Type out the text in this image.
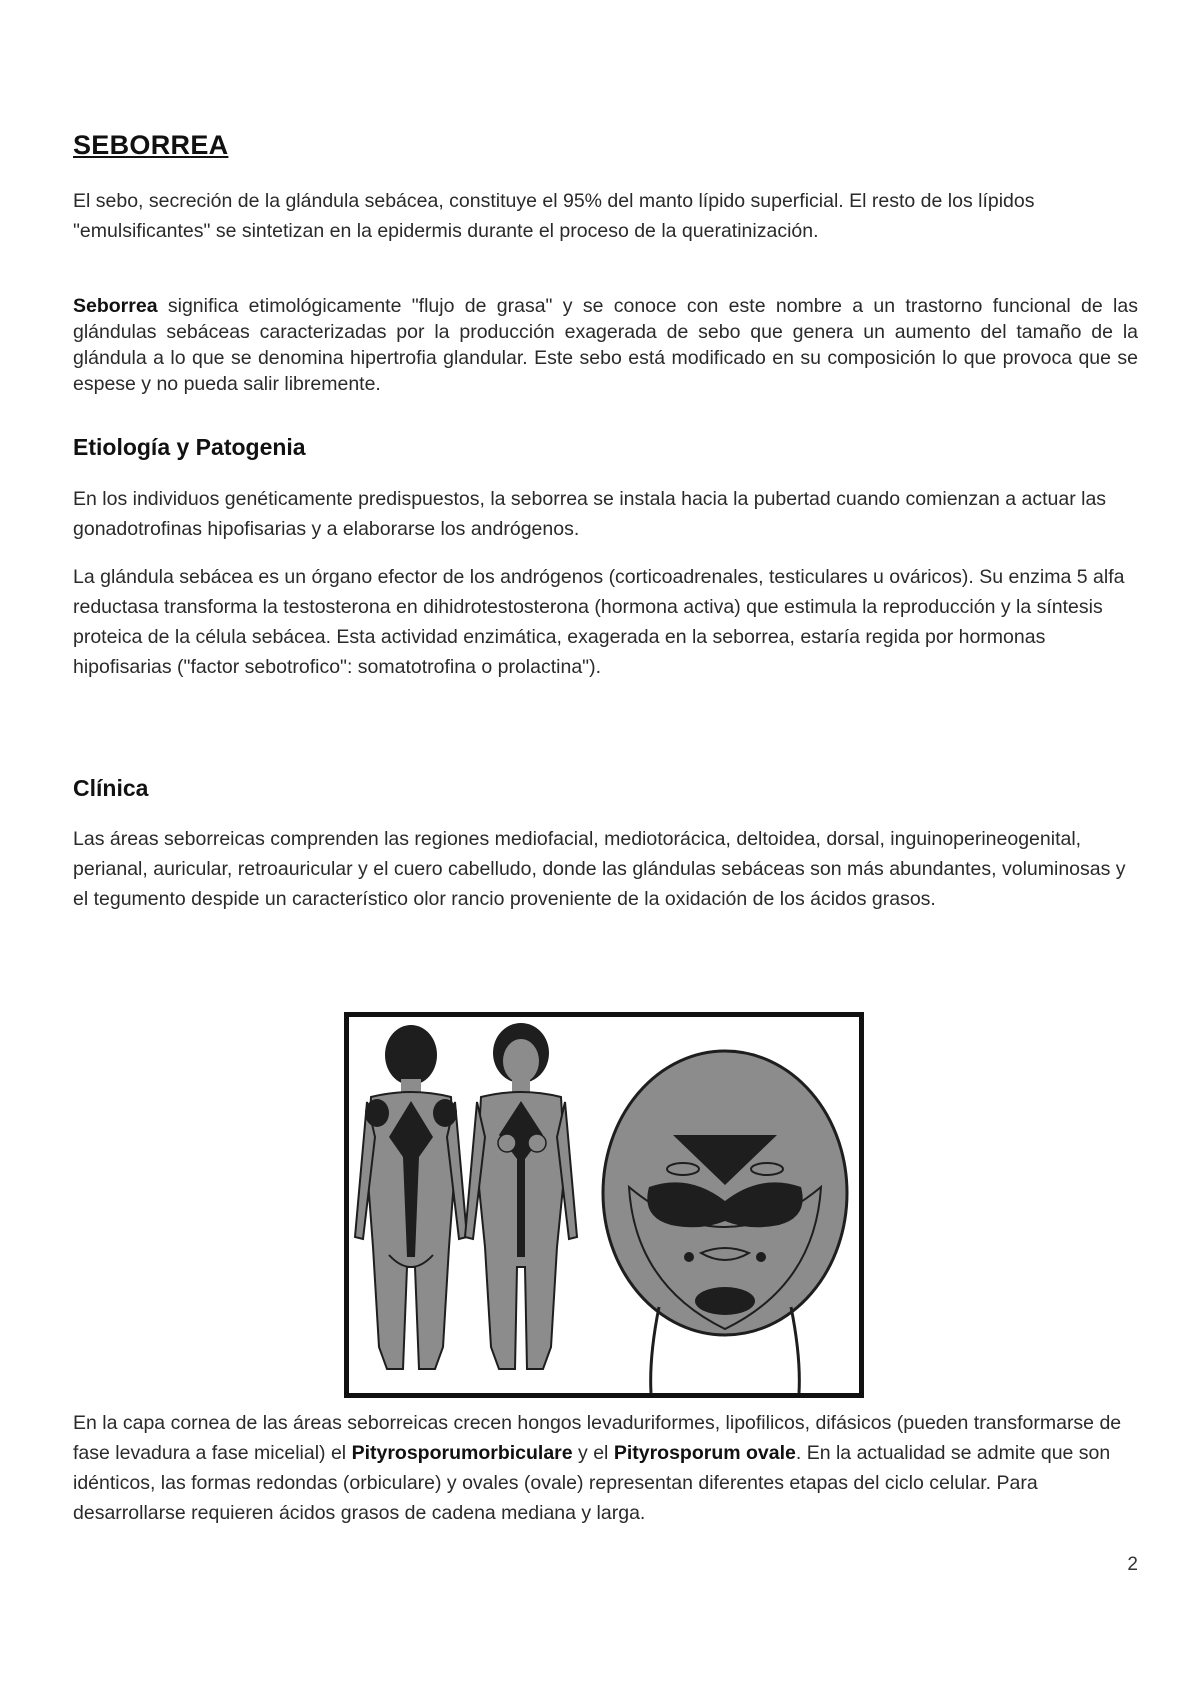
SEBORREA

El sebo, secreción de la glándula sebácea, constituye el 95% del manto lípido superficial. El resto de los lípidos "emulsificantes" se sintetizan en la epidermis durante el proceso de la queratinización.

Seborrea significa etimológicamente "flujo de grasa" y se conoce con este nombre a un trastorno funcional de las glándulas sebáceas caracterizadas por la producción exagerada de sebo que genera un aumento del tamaño de la glándula a lo que se denomina hipertrofia glandular. Este sebo está modificado en su composición lo que provoca que se espese y no pueda salir libremente.

Etiología y Patogenia

En los individuos genéticamente predispuestos, la seborrea se instala hacia la pubertad cuando comienzan a actuar las gonadotrofinas hipofisarias y a elaborarse los andrógenos.

La glándula sebácea es un órgano efector de los andrógenos (corticoadrenales, testiculares u ováricos). Su enzima 5 alfa reductasa transforma la testosterona en dihidrotestosterona (hormona activa) que estimula la reproducción y la síntesis proteica de la célula sebácea. Esta actividad enzimática, exagerada en la seborrea, estaría regida por hormonas hipofisarias ("factor sebotrofico": somatotrofina o prolactina").

Clínica

Las áreas seborreicas comprenden las regiones mediofacial, mediotorácica, deltoidea, dorsal, inguinoperineogenital, perianal, auricular, retroauricular y el cuero cabelludo, donde las glándulas sebáceas son más abundantes, voluminosas y el tegumento despide un característico olor rancio proveniente de la oxidación de los ácidos grasos.

En la capa cornea de las áreas seborreicas crecen hongos levaduriformes, lipofilicos, difásicos (pueden transformarse de fase levadura a fase micelial) el Pityrosporumorbiculare y el Pityrosporum ovale. En la actualidad se admite que son idénticos, las formas redondas (orbiculare) y ovales (ovale) representan diferentes etapas del ciclo celular. Para desarrollarse requieren ácidos grasos de cadena mediana y larga.

2
